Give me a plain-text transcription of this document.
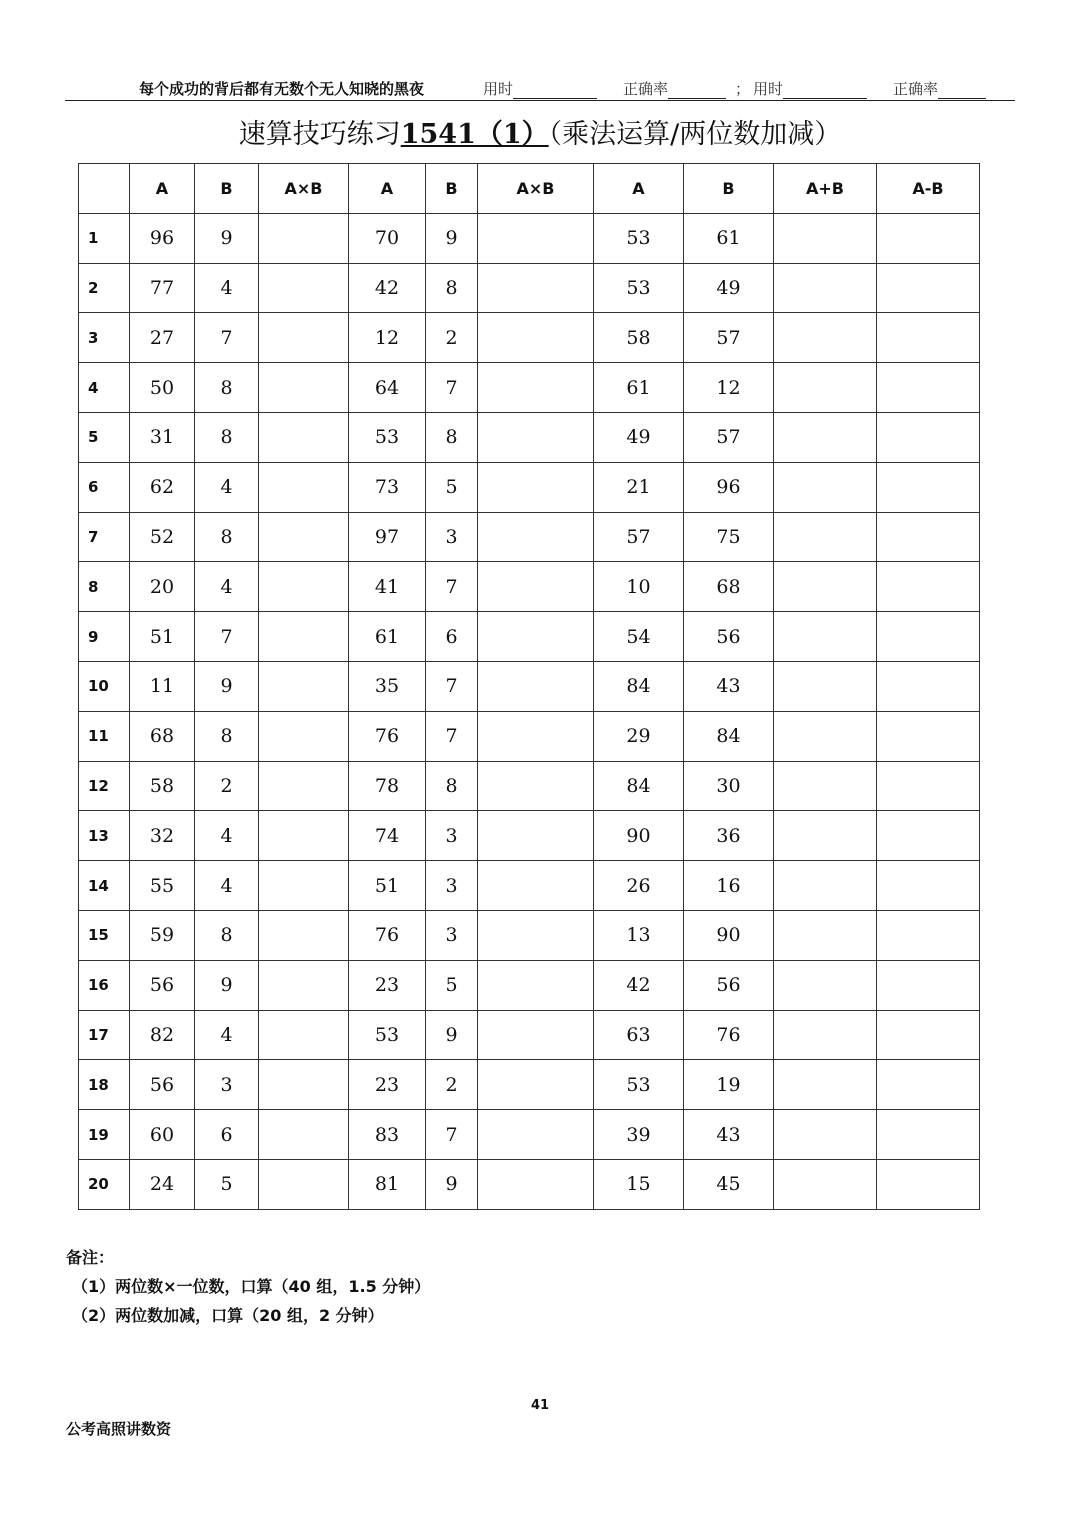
每个成功的背后都有无数个无人知晓的黑夜	用时	正确率	； 用时	正确率
速算技巧练习1541（1）（乘法运算/两位数加减）
	A	B	A×B	A	B	A×B	A	B	A+B	A-B
1	96	9		70	9		53	61		
2	77	4		42	8		53	49		
3	27	7		12	2		58	57		
4	50	8		64	7		61	12		
5	31	8		53	8		49	57		
6	62	4		73	5		21	96		
7	52	8		97	3		57	75		
8	20	4		41	7		10	68		
9	51	7		61	6		54	56		
10	11	9		35	7		84	43		
11	68	8		76	7		29	84		
12	58	2		78	8		84	30		
13	32	4		74	3		90	36		
14	55	4		51	3		26	16		
15	59	8		76	3		13	90		
16	56	9		23	5		42	56		
17	82	4		53	9		63	76		
18	56	3		23	2		53	19		
19	60	6		83	7		39	43		
20	24	5		81	9		15	45		
备注：
（1）两位数×一位数，口算（40 组，1.5 分钟）
（2）两位数加减，口算（20 组，2 分钟）
41
公考高照讲数资
